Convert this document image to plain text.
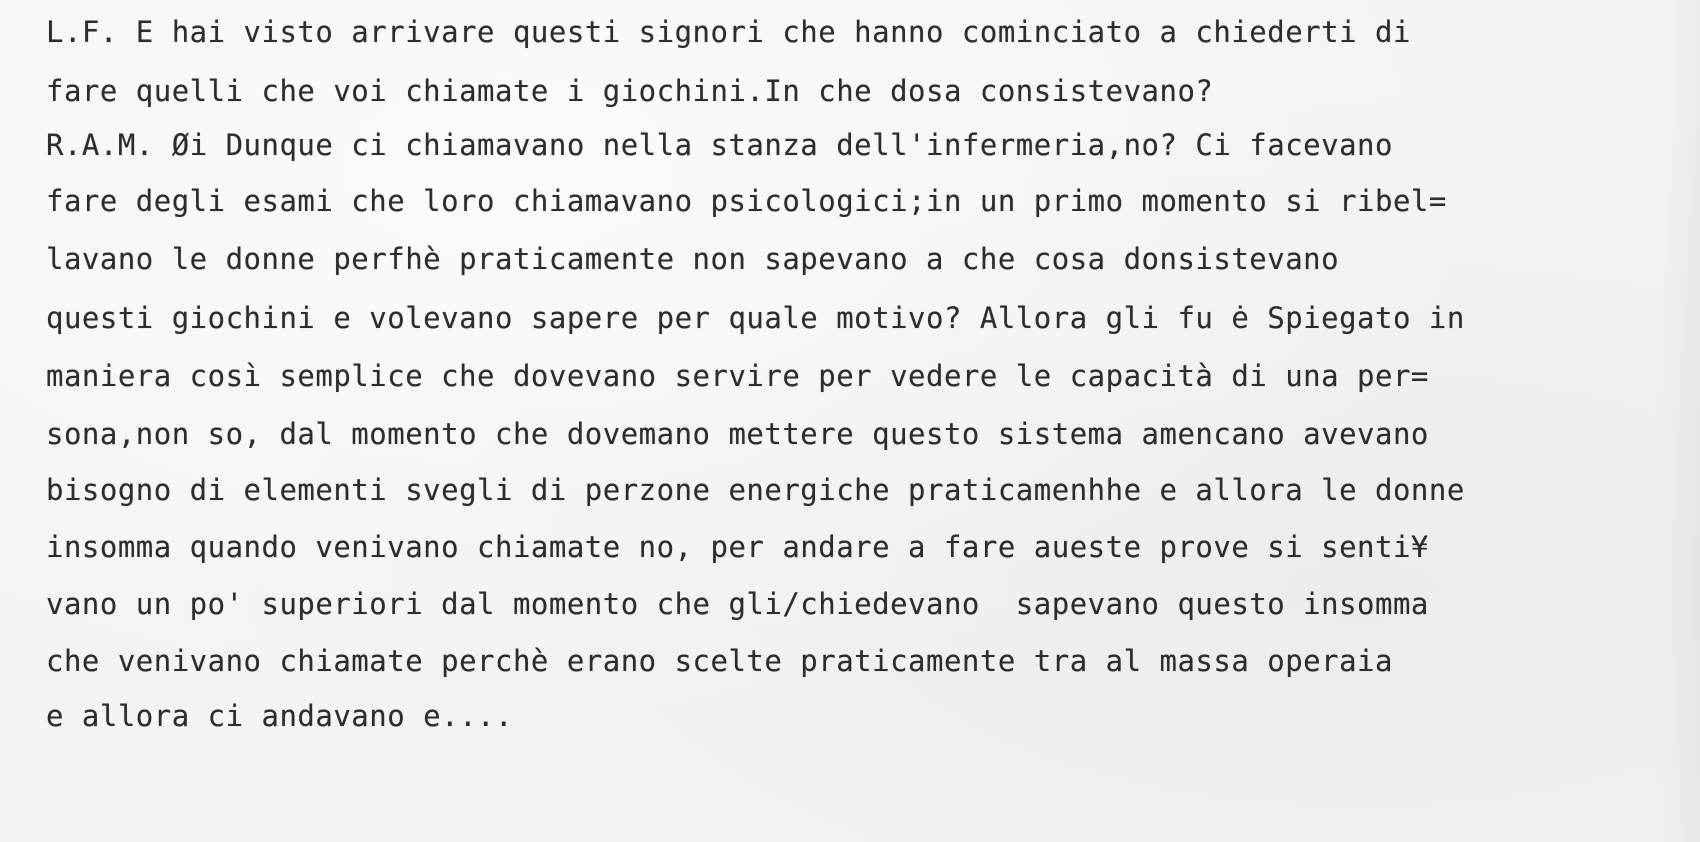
L.F. E hai visto arrivare questi signori che hanno cominciato a chiederti di

fare quelli che voi chiamate i giochini.In che dosa consistevano?

R.A.M. Øi Dunque ci chiamavano nella stanza dell'infermeria,no? Ci facevano

fare degli esami che loro chiamavano psicologici;in un primo momento si ribel=

lavano le donne perfhè praticamente non sapevano a che cosa donsistevano

questi giochini e volevano sapere per quale motivo? Allora gli fu ė Spiegato in

maniera così semplice che dovevano servire per vedere le capacità di una per=

sona,non so, dal momento che dovemano mettere questo sistema amencano avevano

bisogno di elementi svegli di perzone energiche praticamenhhe e allora le donne

insomma quando venivano chiamate no, per andare a fare aueste prove si senti¥

vano un po' superiori dal momento che gli/chiedevano  sapevano questo insomma

che venivano chiamate perchè erano scelte praticamente tra al massa operaia

e allora ci andavano e....
